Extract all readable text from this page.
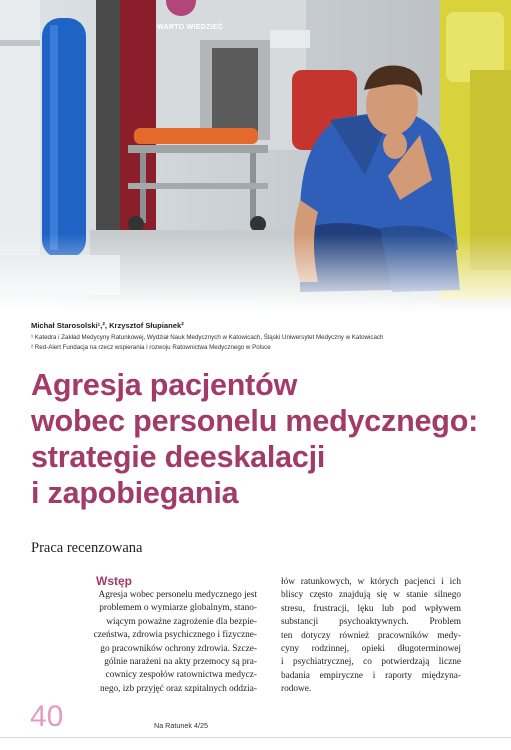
WARTO WIEDZIEĆ
Michał Starosolski¹,², Krzysztof Słupianek²
¹ Katedra i Zakład Medycyny Ratunkowej, Wydział Nauk Medycznych w Katowicach, Śląski Uniwersytet Medyczny w Katowicach
² Red-Alert Fundacja na rzecz wspierania i rozwoju Ratownictwa Medycznego w Polsce
Agresja pacjentów
wobec personelu medycznego:
strategie deeskalacji
i zapobiegania
Praca recenzowana
Wstęp
Agresja wobec personelu medycznego jest
problemem o wymiarze globalnym, stano-
wiącym poważne zagrożenie dla bezpie-
czeństwa, zdrowia psychicznego i fizyczne-
go pracowników ochrony zdrowia. Szcze-
gólnie narażeni na akty przemocy są pra-
cownicy zespołów ratownictwa medycz-
nego, izb przyjęć oraz szpitalnych oddzia-
łów ratunkowych, w których pacjenci i ich
bliscy często znajdują się w stanie silnego
stresu, frustracji, lęku lub pod wpływem
substancji psychoaktywnych. Problem
ten dotyczy również pracowników medy-
cyny rodzinnej, opieki długoterminowej
i psychiatrycznej, co potwierdzają liczne
badania empiryczne i raporty międzyna-
rodowe.
40	Na Ratunek 4/25
